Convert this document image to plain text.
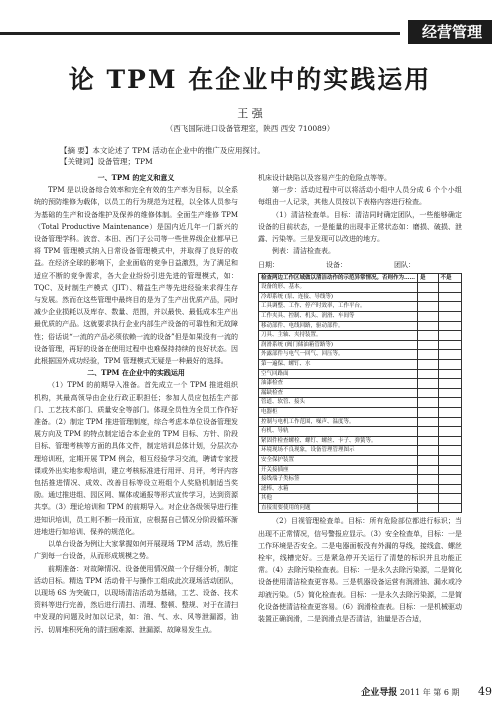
经营管理
论 TPM 在企业中的实践运用
王 强
（西飞国际进口设备管理室，陕西 西安 710089）
【摘 要】本文论述了 TPM 活动在企业中的推广及应用探讨。
【关键词】设备管理；TPM

一、TPM 的定义和意义

TPM 是以设备综合效率和完全有效的生产率为目标，以全系统的预防维修为载体，以员工的行为规范为过程，以全体人员参与为基础的生产和设备维护及保养的维修体制。全面生产维修 TPM（Total Productive Maintenance）是国内近几年一门新兴的设备管理学科。波音、本田、西门子公司等一些世界级企业都早已将 TPM 管理模式纳入日常设备管理模式中，并取得了良好的收益。在经济全球的影响下，企业面临的竞争日益激烈，为了满足和适应不断的竞争需求，各大企业纷纷引进先进的管理模式，如：TQC、及时制生产模式（JIT）、精益生产等先进经验来求得生存与发展。然而在这些管理中最终目的是为了生产出优质产品，同时减少企业损耗以及库存、数量、范围，并以最快、最低成本生产出最优质的产品。这就要求执行企业内部生产设备的可靠性和无故障性；俗话说“一流的产品必须依赖一流的设备”但是如果没有一流的设备管理，再好的设备在使用过程中也难保持持续的良好状态。因此根据国外成功经验，TPM 管理模式无疑是一种最好的选择。

二、TPM 在企业中的实践运用

（1）TPM 的前期导入准备。首先成立一个 TPM 推进组织机构，其最高领导由企业行政正职担任；参加人员应包括生产部门、工艺技术部门、质量安全等部门。体现全员性为全员工作作好准备。（2）制定 TPM 推进管理制度，综合考虑本单位设备管理发展方向及 TPM 的特点制定适合本企业的 TPM 目标、方针、阶段目标、管理考核等方面的具体文件，制定培训总体计划，分层次办理培训班，定期开展 TPM 例会，相互经验学习交流，聘请专家授课或外出实地参观培训，建立考核标准进行用评、月评，考评内容包括推进情况、成效、改善目标等设立班组个人奖励机制适当奖励。通过推进组、园区网、媒体或通报等形式宣传学习，达到资源共享。（3）理论培训和 TPM 的前期导入。对企业各级领导进行推进知识培训，员工则不断一段而宣，应根据自己情况分阶段循环渐进地进行如培训、保养的规范化。

以单台设备为例让大家掌握如何开展现场 TPM 活动，然后推广到每一台设备，从而形成规模之势。

前期准备：对故障情况、设备使用情况做一个仔细分析，制定活动目标。精选 TPM 活动骨干与操作工组成此次现场活动团队，以现场 6S 为突破口，以现场清洁活动为基础，工艺、设备、技术资料等进行完善，然后进行清扫、清理、整顿、整规、对于在清扫中发现的问题及时加以记录，如：油、气、水、风等泄漏源，油污、切屑堆积死角的清扫困难源、泄漏源、故障易发生点。

机床设计缺陷以及容易产生的危险点等等。

第一步：活动过程中可以将活动小组中人员分成 6 个个小组每组由一人记录，其他人员按以下表格内容进行检查。

（1）清洁检查单。目标：清洁同时确定团队，一些能够确定设备的目前状态，一是能量的出现非正常状态如：磨损、破损、泄露、污染等。三是发现可以改进的地方。

例表：清洁检查表。

日期：	设备：	团队：
检查两边工作区域做以清洁动作的示范异常情况。否则作为……	是	不是
设备的形、基本。		
冷却系统 (泵、连接、导线等)		
工具调整、工作、停产时效率，工作平台。		
工作夹具、控制、机头、润滑、车间等		
移动部件、电线回路，驱动部件。		
刀具、主轴、夹持装置。		
润滑系统 (阀门储油箱管路等)		
外露部件与电气一回气、回压等。		
第一遍保、螺钉、水		
空气回路面		
油漆检查		
漏缺检查		
管道、软管、接头		
电器柜		
控制与电机工作范围，噪声、温度等。		
有机、导轨		
紧固件检查螺栓、螺钉、螺丝、卡子、弹簧等。		
环境现场不良现象，设备管理管理图示		
安全保护装置		
开关接插座		
接线端子类标签		
滤棒、水箱		
其他		
直接需要使用的问题		

（2）目视管理检查单。目标：所有危险部位都进行标识；当出现不正常情况，信号警报应显示。（3）安全检查单，目标：一是工作环境是否安全。二是电器面板没有外漏的导线，接线盒、螺丝栓牢，线槽完好。三是紧急停开关运行了清楚的标识并且功能正常。（4）去除污染检查表。目标：一是永久去除污染源，二是简化设备使用清洁检查更容易。三是机器设备运营有润滑油、漏水或冷却液污染。（5）简化检查表。目标：一是永久去除污染源，二是简化设备使清洁检查更容易。（6）润滑检查表。目标：一是机械驱动装置正确润滑，二是润滑点是否清洁，油量是否合适，

企业导报 2011 年 第 6 期 49
